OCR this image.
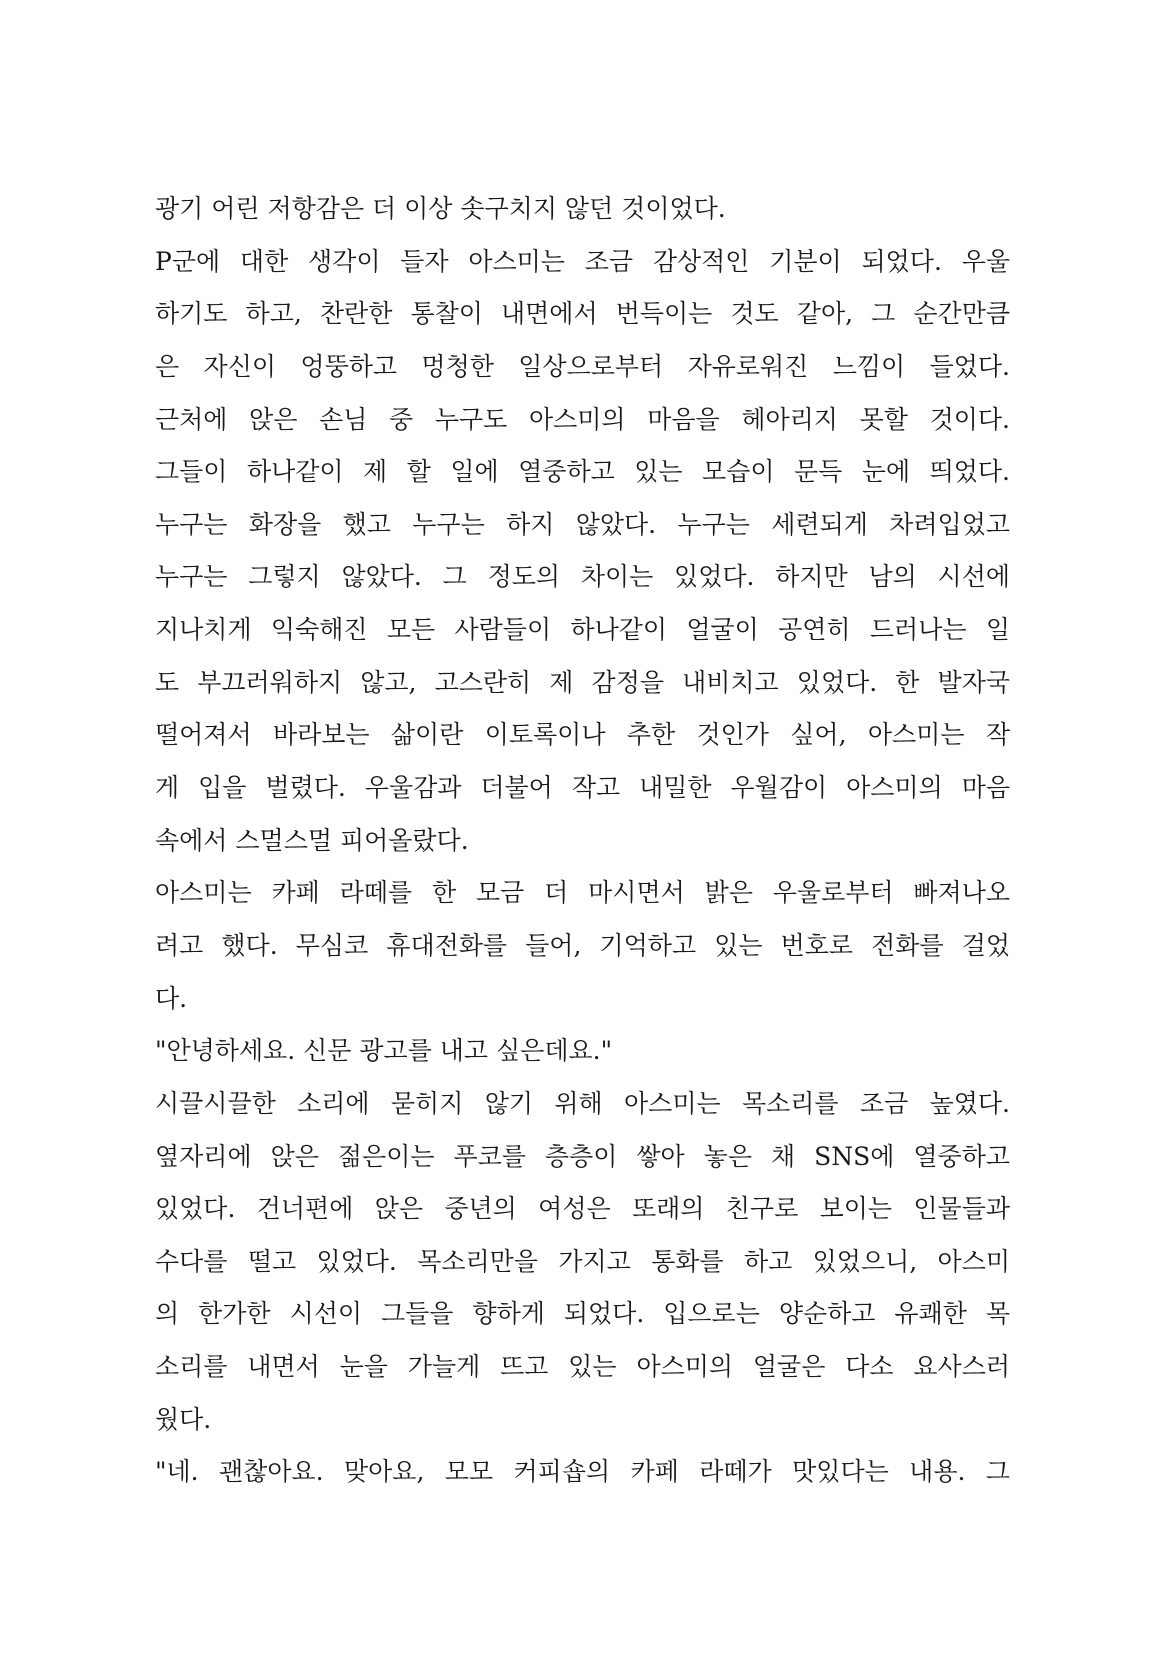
광기 어린 저항감은 더 이상 솟구치지 않던 것이었다.
P군에 대한 생각이 들자 아스미는 조금 감상적인 기분이 되었다. 우울
하기도 하고, 찬란한 통찰이 내면에서 번득이는 것도 같아, 그 순간만큼
은 자신이 엉뚱하고 멍청한 일상으로부터 자유로워진 느낌이 들었다.
근처에 앉은 손님 중 누구도 아스미의 마음을 헤아리지 못할 것이다.
그들이 하나같이 제 할 일에 열중하고 있는 모습이 문득 눈에 띄었다.
누구는 화장을 했고 누구는 하지 않았다. 누구는 세련되게 차려입었고
누구는 그렇지 않았다. 그 정도의 차이는 있었다. 하지만 남의 시선에
지나치게 익숙해진 모든 사람들이 하나같이 얼굴이 공연히 드러나는 일
도 부끄러워하지 않고, 고스란히 제 감정을 내비치고 있었다. 한 발자국
떨어져서 바라보는 삶이란 이토록이나 추한 것인가 싶어, 아스미는 작
게 입을 벌렸다. 우울감과 더불어 작고 내밀한 우월감이 아스미의 마음
속에서 스멀스멀 피어올랐다.
아스미는 카페 라떼를 한 모금 더 마시면서 밝은 우울로부터 빠져나오
려고 했다. 무심코 휴대전화를 들어, 기억하고 있는 번호로 전화를 걸었
다.
"안녕하세요. 신문 광고를 내고 싶은데요."
시끌시끌한 소리에 묻히지 않기 위해 아스미는 목소리를 조금 높였다.
옆자리에 앉은 젊은이는 푸코를 층층이 쌓아 놓은 채 SNS에 열중하고
있었다. 건너편에 앉은 중년의 여성은 또래의 친구로 보이는 인물들과
수다를 떨고 있었다. 목소리만을 가지고 통화를 하고 있었으니, 아스미
의 한가한 시선이 그들을 향하게 되었다. 입으로는 양순하고 유쾌한 목
소리를 내면서 눈을 가늘게 뜨고 있는 아스미의 얼굴은 다소 요사스러
웠다.
"네. 괜찮아요. 맞아요, 모모 커피숍의 카페 라떼가 맛있다는 내용. 그
